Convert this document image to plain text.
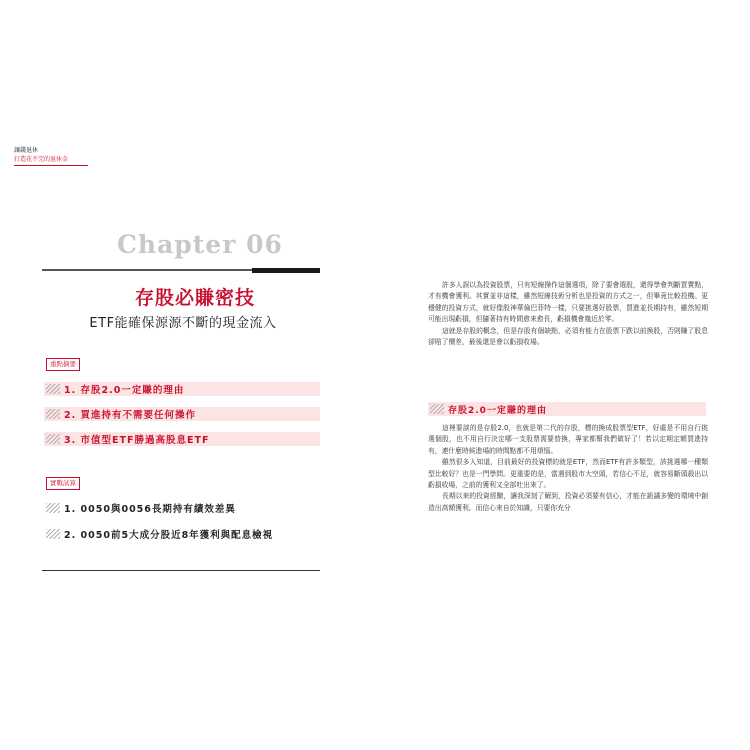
讓錢退休
打造花不完的退休金
Chapter 06
存股必賺密技
ETF能確保源源不斷的現金流入
重點摘要
1. 存股2.0一定賺的理由
2. 買進持有不需要任何操作
3. 市值型ETF勝過高股息ETF
實戰試算
1. 0050與0056長期持有績效差異
2. 0050前5大成分股近8年獲利與配息檢視

許多人誤以為投資股票，只有短線操作這個選項，除了要會選股，還得學會判斷買賣點，才有機會獲利。其實並非這樣，雖然短線技術分析也是投資的方式之一，但畢竟比較投機。更穩健的投資方式，就好像股神華倫巴菲特一樣，只要挑選好股票，買進並長期持有，雖然短期可能出現虧損，但隨著持有時間愈來愈長，虧損機會幾近於零。

這就是存股的概念，但是存股有個缺點，必須有能力在股票下跌以前換股，否則賺了股息卻賠了價差，最後還是會以虧損收場。

存股2.0一定賺的理由

這裡要談的是存股2.0，也就是第二代的存股，標的換成股票型ETF，好處是不用自行挑選個股，也不用自行決定哪一支股票需要替換，專家都幫我們做好了！若以定期定額買進持有，連什麼時候進場的時間點都不用煩惱。

雖然很多人知道，目前最好的投資標的就是ETF，然而ETF有許多類型，該挑選哪一種類型比較好？也是一門學問。更重要的是，當遇到股市大空頭，若信心不足，就容易斷頭殺出以虧損收場，之前的獲利又全部吐出來了。

長期以來的投資經驗，讓我深刻了解到，投資必須要有信心，才能在詭譎多變的環境中創造出高額獲利。而信心來自於知識，只要你充分
